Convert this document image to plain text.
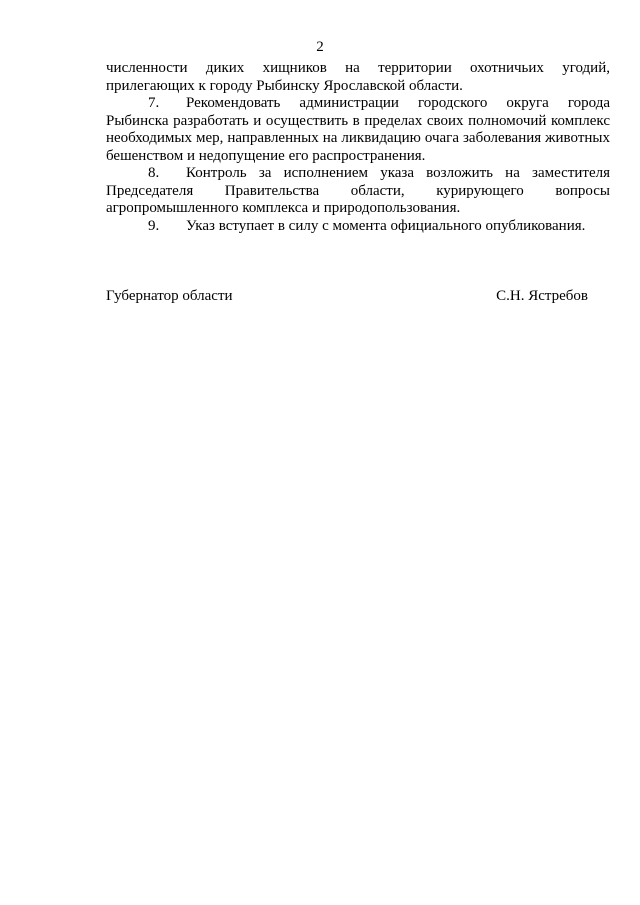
2

численности диких хищников на территории охотничьих угодий, прилегающих к городу Рыбинску Ярославской области.

7. Рекомендовать администрации городского округа города Рыбинска разработать и осуществить в пределах своих полномочий комплекс необходимых мер, направленных на ликвидацию очага заболевания животных бешенством и недопущение его распространения.

8. Контроль за исполнением указа возложить на заместителя Председателя Правительства области, курирующего вопросы агропромышленного комплекса и природопользования.

9. Указ вступает в силу с момента официального опубликования.

Губернатор области	С.Н. Ястребов
